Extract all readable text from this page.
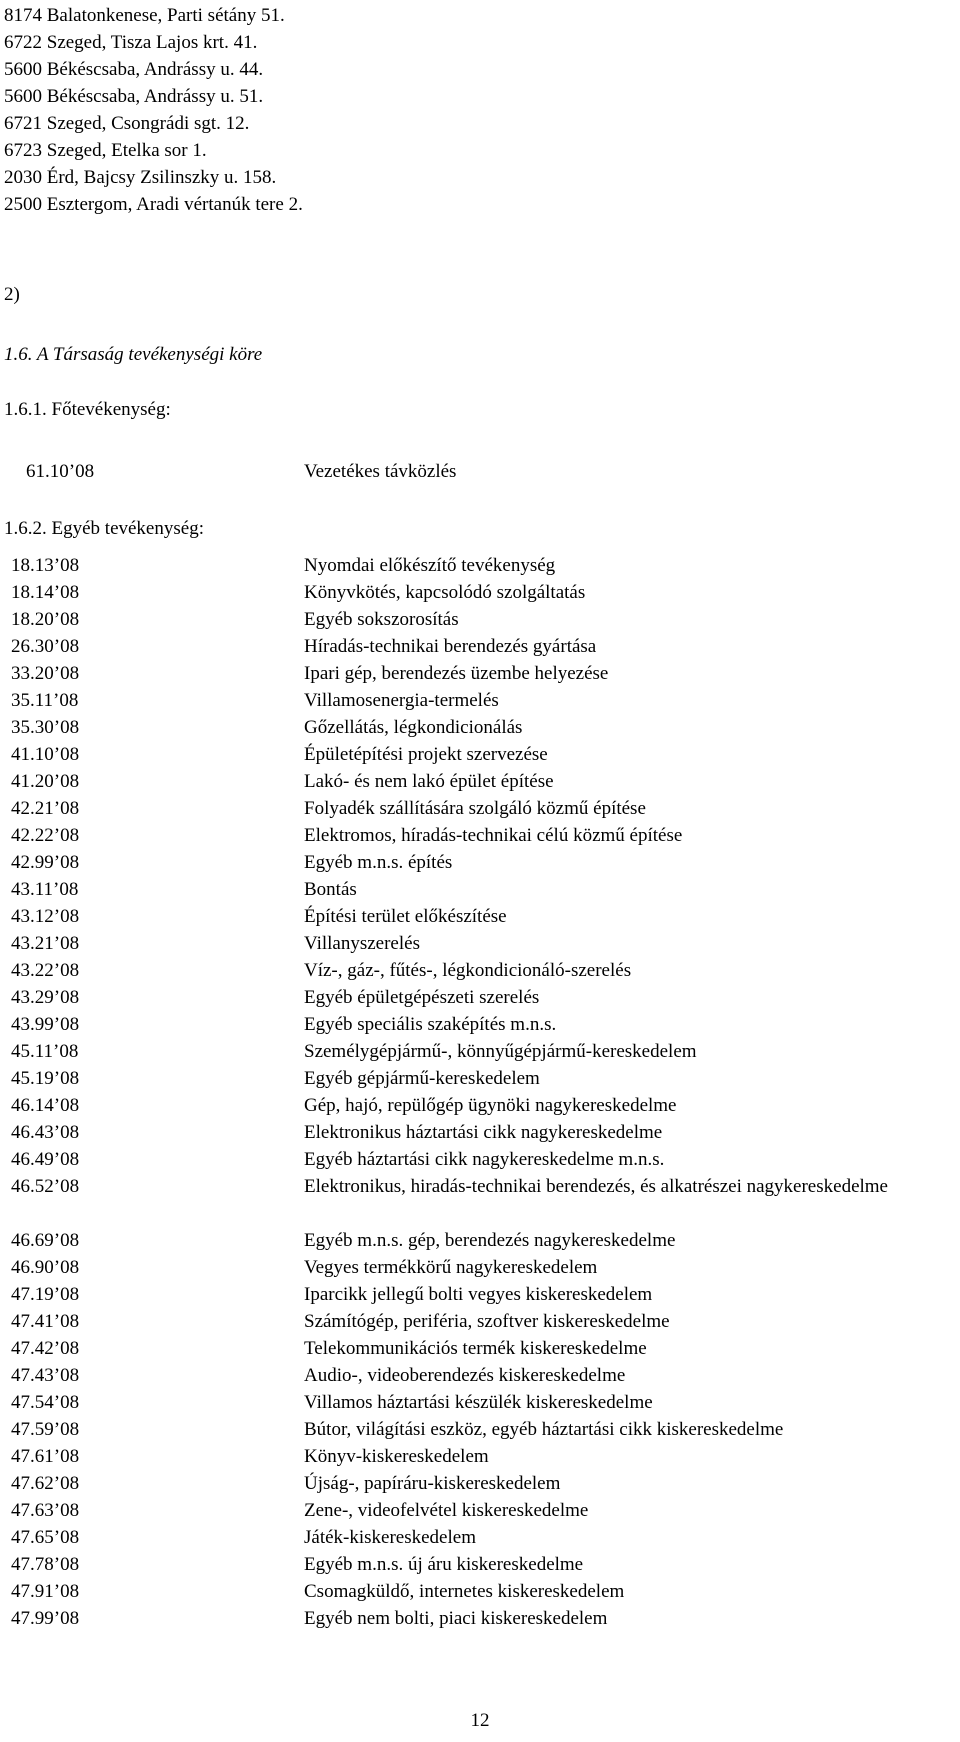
8174 Balatonkenese, Parti sétány 51.
6722 Szeged, Tisza Lajos krt. 41.
5600 Békéscsaba, Andrássy u. 44.
5600 Békéscsaba, Andrássy u. 51.
6721 Szeged, Csongrádi sgt. 12.
6723 Szeged, Etelka sor 1.
2030 Érd, Bajcsy Zsilinszky u. 158.
2500 Esztergom, Aradi vértanúk tere 2.
2)
1.6. A Társaság tevékenységi köre
1.6.1. Főtevékenység:
61.10’08	Vezetékes távközlés
1.6.2. Egyéb tevékenység:
18.13’08	Nyomdai előkészítő tevékenység
18.14’08	Könyvkötés, kapcsolódó szolgáltatás
18.20’08	Egyéb sokszorosítás
26.30’08	Híradás-technikai berendezés gyártása
33.20’08	Ipari gép, berendezés üzembe helyezése
35.11’08	Villamosenergia-termelés
35.30’08	Gőzellátás, légkondicionálás
41.10’08	Épületépítési projekt szervezése
41.20’08	Lakó- és nem lakó épület építése
42.21’08	Folyadék szállítására szolgáló közmű építése
42.22’08	Elektromos, híradás-technikai célú közmű építése
42.99’08	Egyéb m.n.s. építés
43.11’08	Bontás
43.12’08	Építési terület előkészítése
43.21’08	Villanyszerelés
43.22’08	Víz-, gáz-, fűtés-, légkondicionáló-szerelés
43.29’08	Egyéb épületgépészeti szerelés
43.99’08	Egyéb speciális szaképítés m.n.s.
45.11’08	Személygépjármű-, könnyűgépjármű-kereskedelem
45.19’08	Egyéb gépjármű-kereskedelem
46.14’08	Gép, hajó, repülőgép ügynöki nagykereskedelme
46.43’08	Elektronikus háztartási cikk nagykereskedelme
46.49’08	Egyéb háztartási cikk nagykereskedelme m.n.s.
46.52’08	Elektronikus, hiradás-technikai berendezés, és alkatrészei nagykereskedelme
46.69’08	Egyéb m.n.s. gép, berendezés nagykereskedelme
46.90’08	Vegyes termékkörű nagykereskedelem
47.19’08	Iparcikk jellegű bolti vegyes kiskereskedelem
47.41’08	Számítógép, periféria, szoftver kiskereskedelme
47.42’08	Telekommunikációs termék kiskereskedelme
47.43’08	Audio-, videoberendezés kiskereskedelme
47.54’08	Villamos háztartási készülék kiskereskedelme
47.59’08	Bútor, világítási eszköz, egyéb háztartási cikk kiskereskedelme
47.61’08	Könyv-kiskereskedelem
47.62’08	Újság-, papíráru-kiskereskedelem
47.63’08	Zene-, videofelvétel kiskereskedelme
47.65’08	Játék-kiskereskedelem
47.78’08	Egyéb m.n.s. új áru kiskereskedelme
47.91’08	Csomagküldő, internetes kiskereskedelem
47.99’08	Egyéb nem bolti, piaci kiskereskedelem
12
